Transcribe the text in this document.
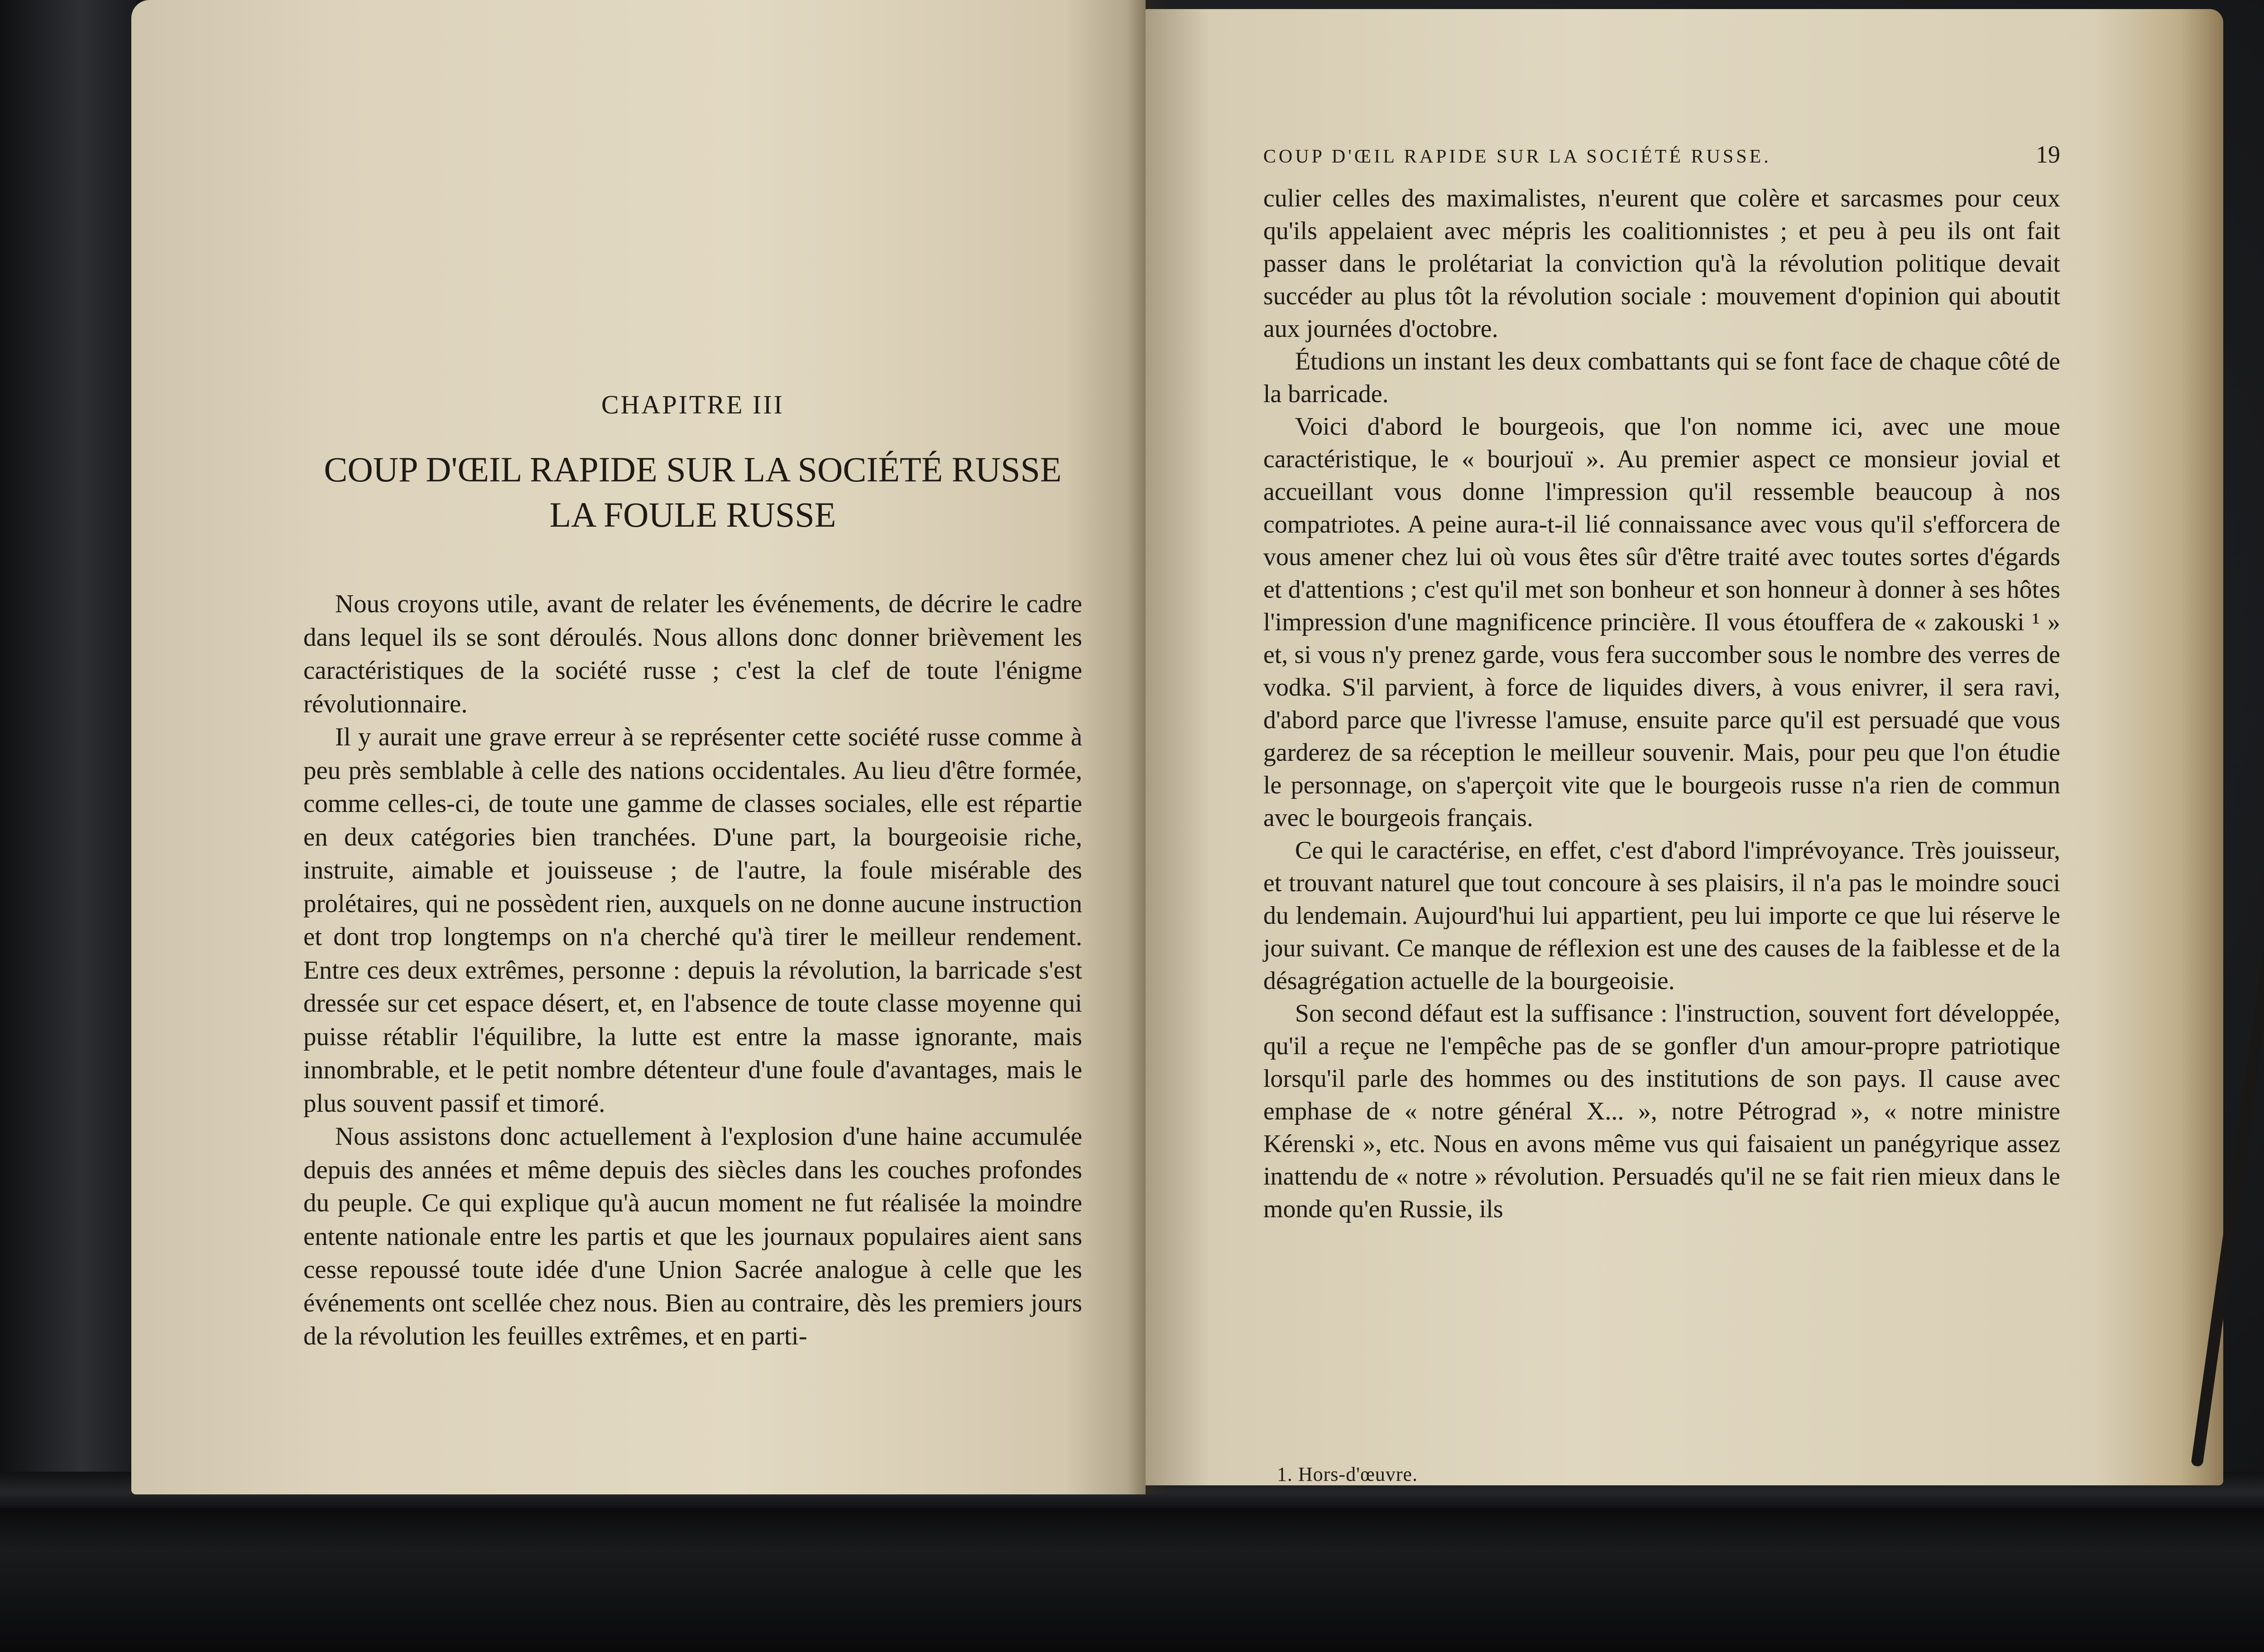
CHAPITRE III
COUP D'ŒIL RAPIDE SUR LA SOCIÉTÉ RUSSE
LA FOULE RUSSE

Nous croyons utile, avant de relater les événements, de décrire le cadre dans lequel ils se sont déroulés. Nous allons donc donner brièvement les caractéristiques de la société russe ; c'est la clef de toute l'énigme révolutionnaire.

Il y aurait une grave erreur à se représenter cette société russe comme à peu près semblable à celle des nations occidentales. Au lieu d'être formée, comme celles-ci, de toute une gamme de classes sociales, elle est répartie en deux catégories bien tranchées. D'une part, la bourgeoisie riche, instruite, aimable et jouisseuse ; de l'autre, la foule misérable des prolétaires, qui ne possèdent rien, auxquels on ne donne aucune instruction et dont trop longtemps on n'a cherché qu'à tirer le meilleur rendement. Entre ces deux extrêmes, personne : depuis la révolution, la barricade s'est dressée sur cet espace désert, et, en l'absence de toute classe moyenne qui puisse rétablir l'équilibre, la lutte est entre la masse ignorante, mais innombrable, et le petit nombre détenteur d'une foule d'avantages, mais le plus souvent passif et timoré.

Nous assistons donc actuellement à l'explosion d'une haine accumulée depuis des années et même depuis des siècles dans les couches profondes du peuple. Ce qui explique qu'à aucun moment ne fut réalisée la moindre entente nationale entre les partis et que les journaux populaires aient sans cesse repoussé toute idée d'une Union Sacrée analogue à celle que les événements ont scellée chez nous. Bien au contraire, dès les premiers jours de la révolution les feuilles extrêmes, et en parti-

COUP D'ŒIL RAPIDE SUR LA SOCIÉTÉ RUSSE.	19

culier celles des maximalistes, n'eurent que colère et sarcasmes pour ceux qu'ils appelaient avec mépris les coalitionnistes ; et peu à peu ils ont fait passer dans le prolétariat la conviction qu'à la révolution politique devait succéder au plus tôt la révolution sociale : mouvement d'opinion qui aboutit aux journées d'octobre.

Étudions un instant les deux combattants qui se font face de chaque côté de la barricade.

Voici d'abord le bourgeois, que l'on nomme ici, avec une moue caractéristique, le « bourjouï ». Au premier aspect ce monsieur jovial et accueillant vous donne l'impression qu'il ressemble beaucoup à nos compatriotes. A peine aura-t-il lié connaissance avec vous qu'il s'efforcera de vous amener chez lui où vous êtes sûr d'être traité avec toutes sortes d'égards et d'attentions ; c'est qu'il met son bonheur et son honneur à donner à ses hôtes l'impression d'une magnificence princière. Il vous étouffera de « zakouski ¹ » et, si vous n'y prenez garde, vous fera succomber sous le nombre des verres de vodka. S'il parvient, à force de liquides divers, à vous enivrer, il sera ravi, d'abord parce que l'ivresse l'amuse, ensuite parce qu'il est persuadé que vous garderez de sa réception le meilleur souvenir. Mais, pour peu que l'on étudie le personnage, on s'aperçoit vite que le bourgeois russe n'a rien de commun avec le bourgeois français.

Ce qui le caractérise, en effet, c'est d'abord l'imprévoyance. Très jouisseur, et trouvant naturel que tout concoure à ses plaisirs, il n'a pas le moindre souci du lendemain. Aujourd'hui lui appartient, peu lui importe ce que lui réserve le jour suivant. Ce manque de réflexion est une des causes de la faiblesse et de la désagrégation actuelle de la bourgeoisie.

Son second défaut est la suffisance : l'instruction, souvent fort développée, qu'il a reçue ne l'empêche pas de se gonfler d'un amour-propre patriotique lorsqu'il parle des hommes ou des institutions de son pays. Il cause avec emphase de « notre général X... », notre Pétrograd », « notre ministre Kérenski », etc. Nous en avons même vus qui faisaient un panégyrique assez inattendu de « notre » révolution. Persuadés qu'il ne se fait rien mieux dans le monde qu'en Russie, ils

1. Hors-d'œuvre.
